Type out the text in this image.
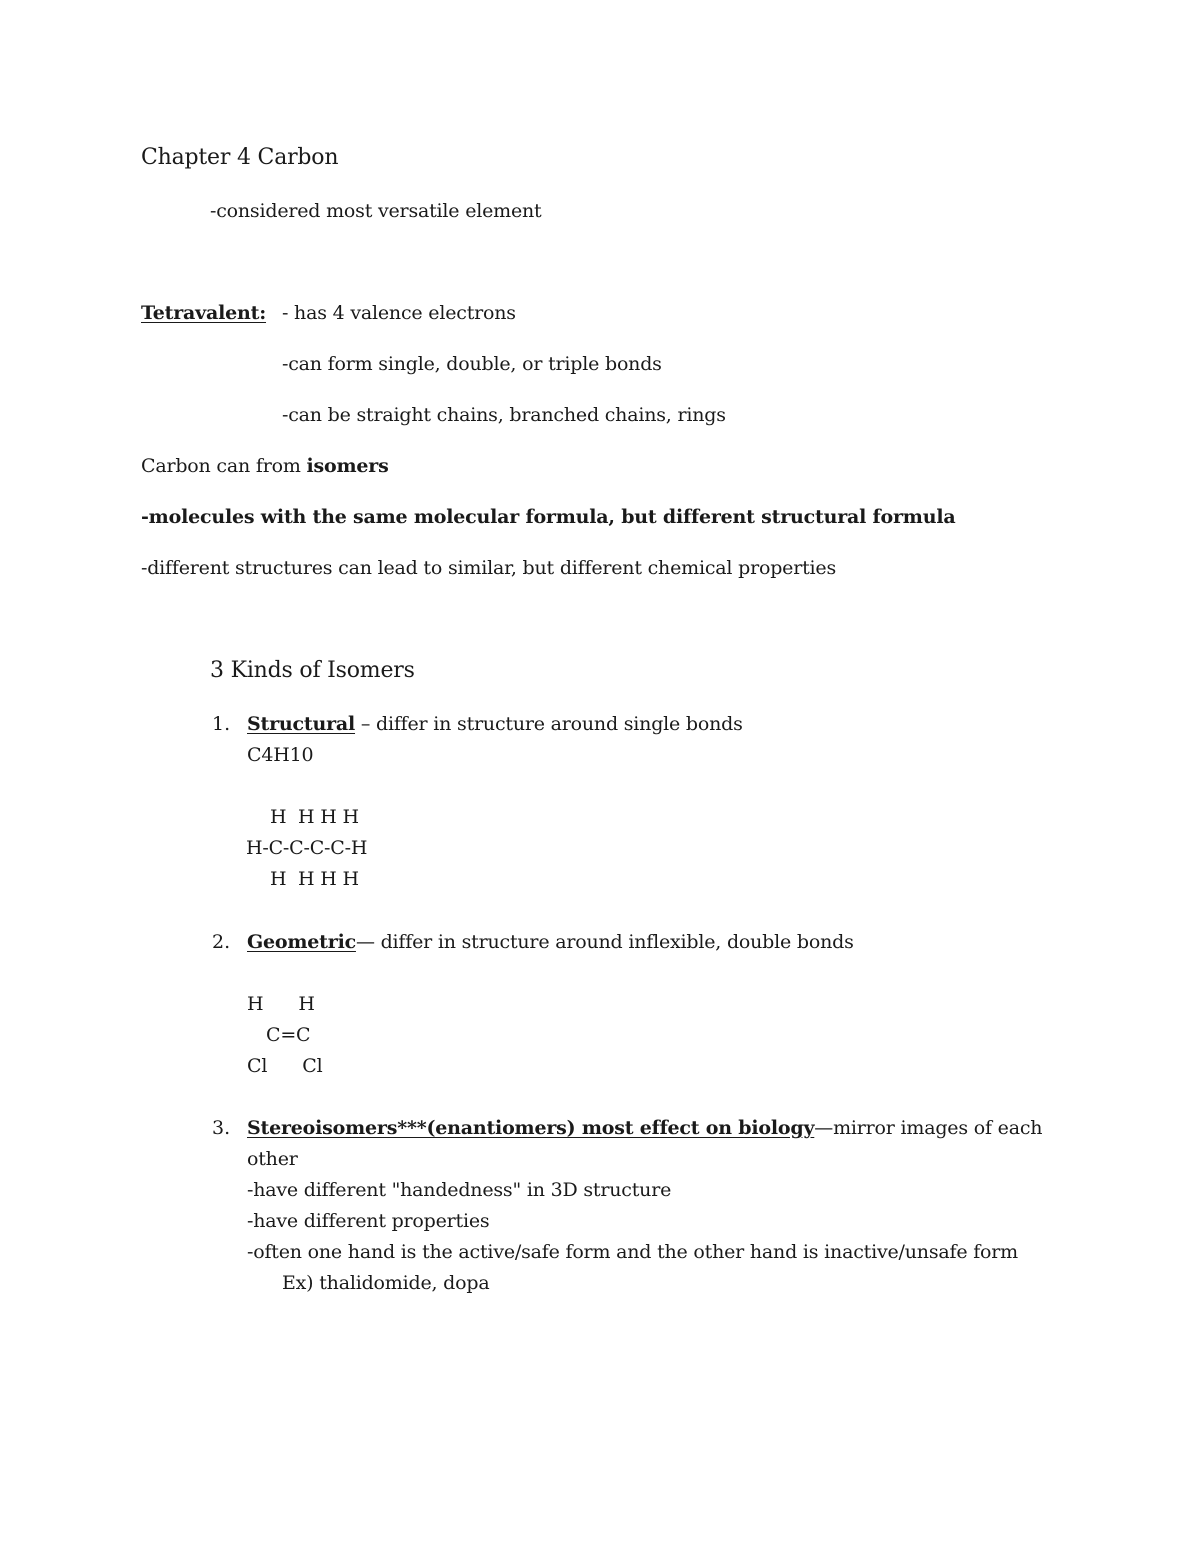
Chapter 4 Carbon
-considered most versatile element
Tetravalent: - has 4 valence electrons
-can form single, double, or triple bonds
-can be straight chains, branched chains, rings
Carbon can from isomers
-molecules with the same molecular formula, but different structural formula
-different structures can lead to similar, but different chemical properties
3 Kinds of Isomers
1. Structural – differ in structure around single bonds
C4H10
H  H H H
H-C-C-C-C-H
H  H H H
2. Geometric— differ in structure around inflexible, double bonds
H      H
C=C
Cl      Cl
3. Stereoisomers***(enantiomers) most effect on biology—mirror images of each
other
-have different "handedness" in 3D structure
-have different properties
-often one hand is the active/safe form and the other hand is inactive/unsafe form
Ex) thalidomide, dopa
